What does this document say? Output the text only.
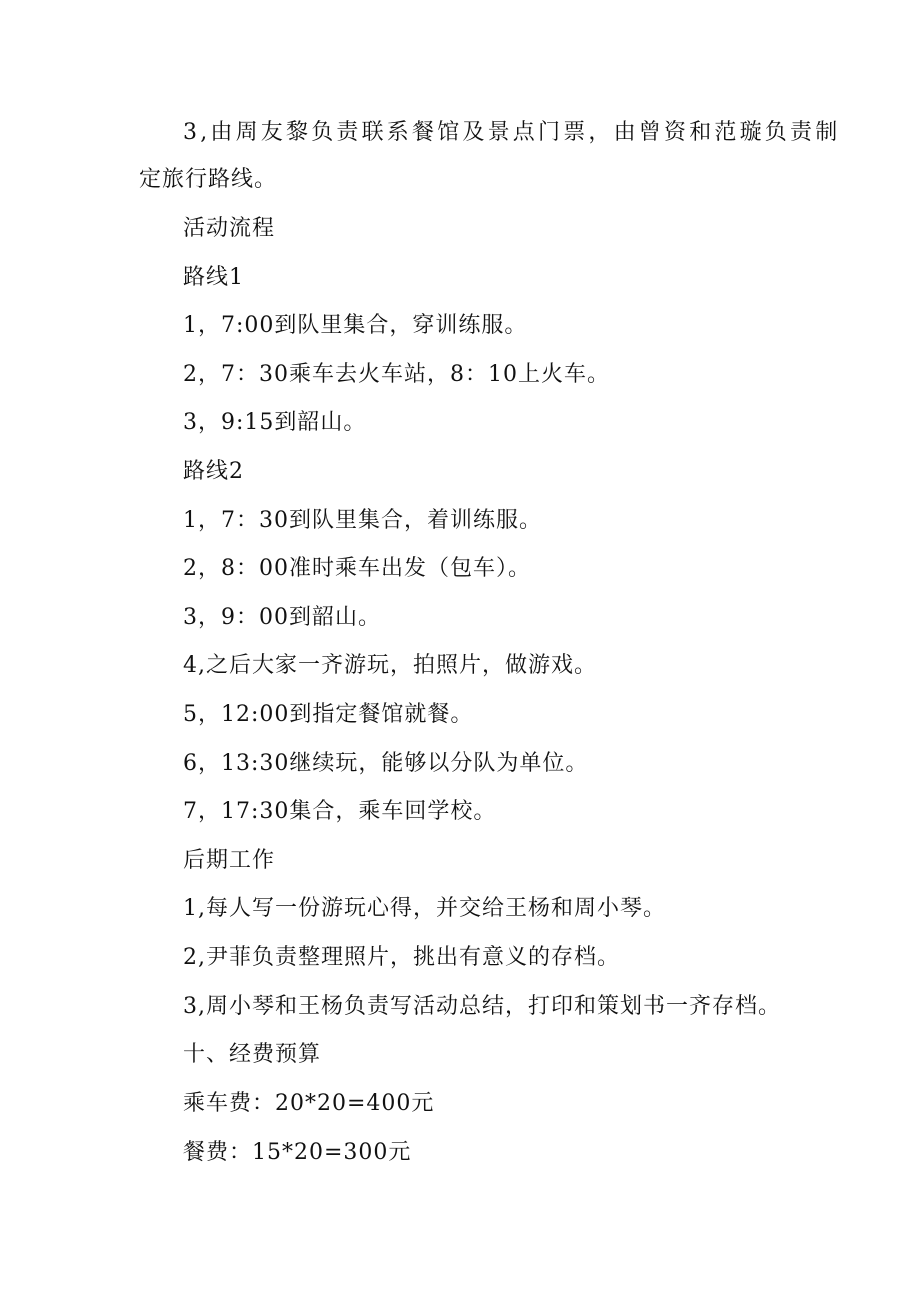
3,由周友黎负责联系餐馆及景点门票，由曾资和范璇负责制
定旅行路线。
活动流程
路线1
1，7:00到队里集合，穿训练服。
2，7：30乘车去火车站，8：10上火车。
3，9:15到韶山。
路线2
1，7：30到队里集合，着训练服。
2，8：00准时乘车出发（包车）。
3，9：00到韶山。
4,之后大家一齐游玩，拍照片，做游戏。
5，12:00到指定餐馆就餐。
6，13:30继续玩，能够以分队为单位。
7，17:30集合，乘车回学校。
后期工作
1,每人写一份游玩心得，并交给王杨和周小琴。
2,尹菲负责整理照片，挑出有意义的存档。
3,周小琴和王杨负责写活动总结，打印和策划书一齐存档。
十、经费预算
乘车费：20*20=400元
餐费：15*20=300元
